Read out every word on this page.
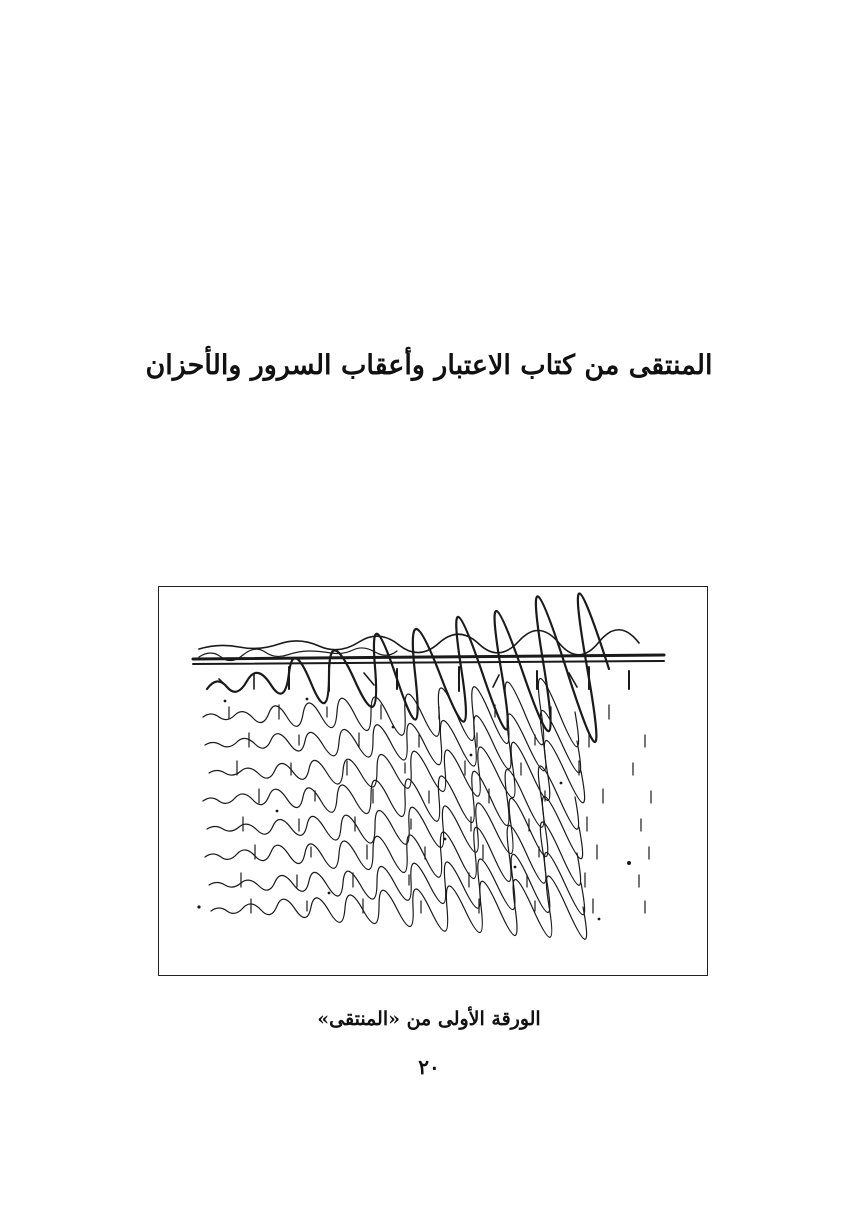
المنتقى من كتاب الاعتبار وأعقاب السرور والأحزان
الورقة الأولى من «المنتقى»
٢٠
